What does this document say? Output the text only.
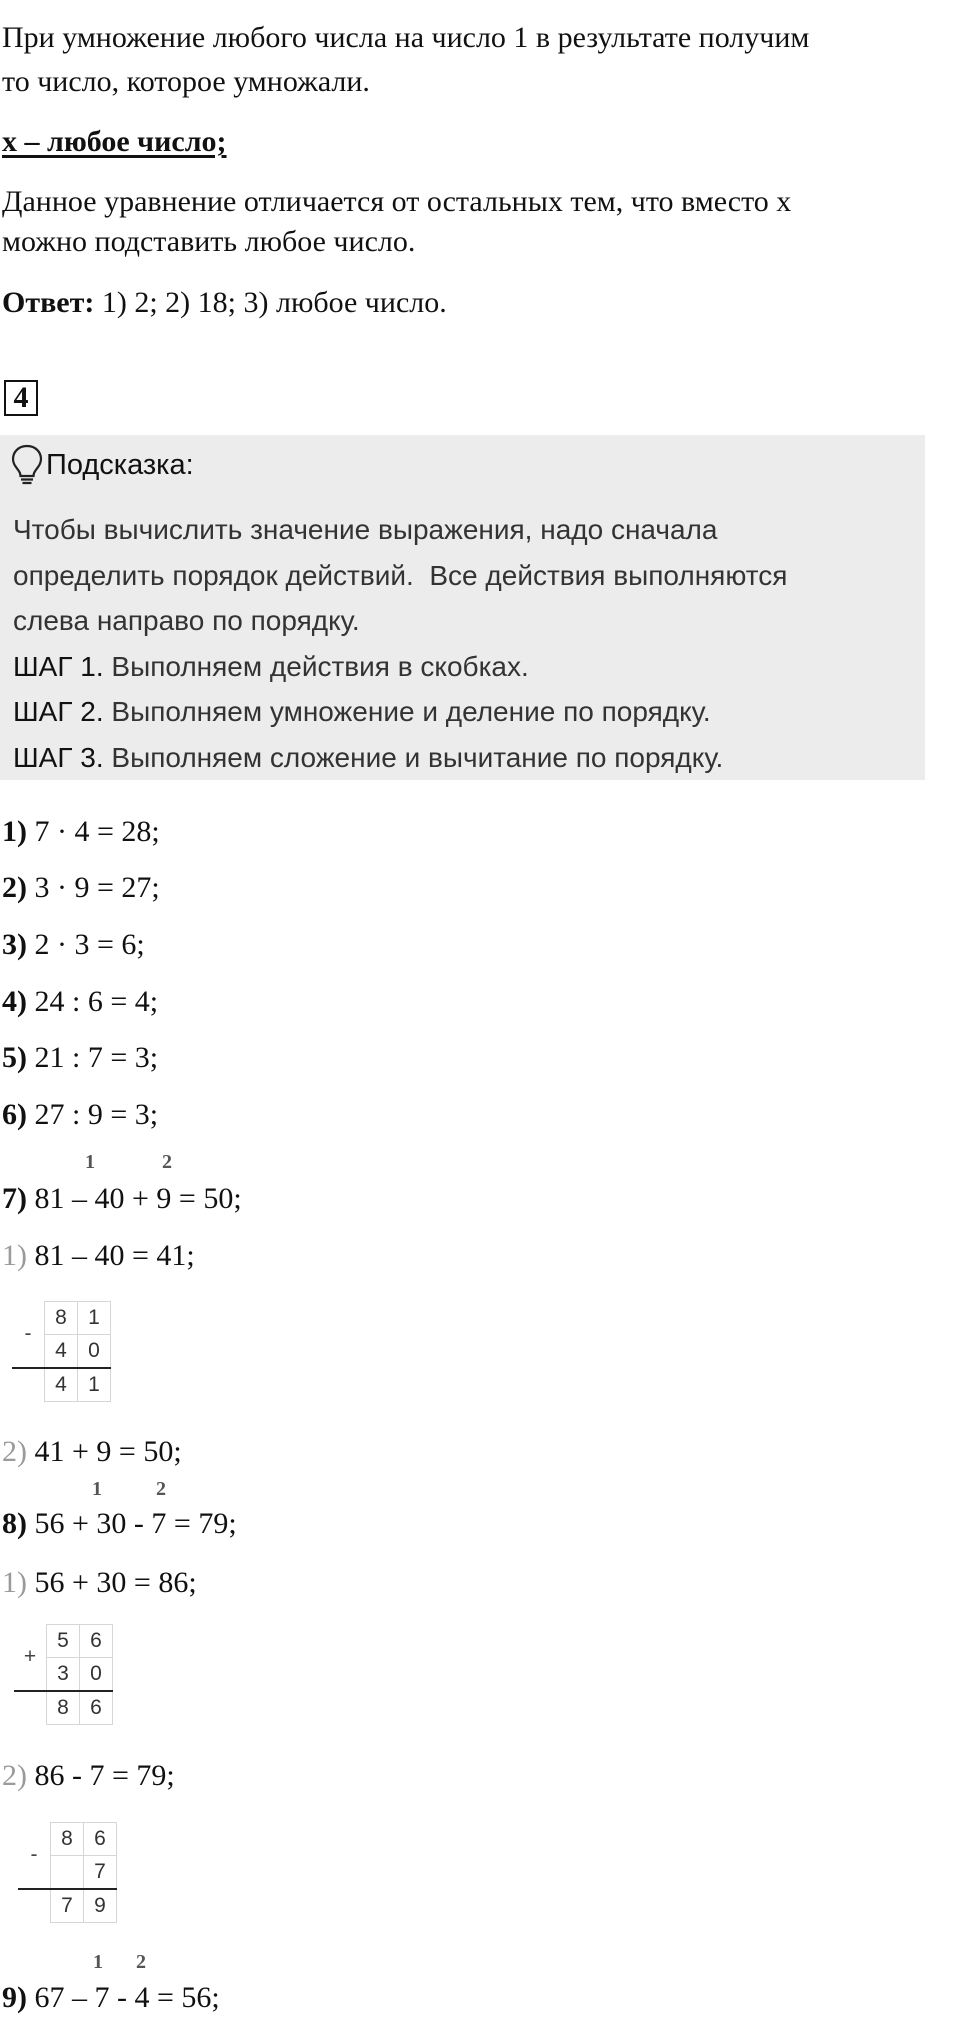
При умножение любого числа на число 1 в результате получим
то число, которое умножали.
х – любое число;
Данное уравнение отличается от остальных тем, что вместо х
можно подставить любое число.
Ответ: 1) 2; 2) 18; 3) любое число.
4
Подсказка:
Чтобы вычислить значение выражения, надо сначала
определить порядок действий.  Все действия выполняются
слева направо по порядку.
ШАГ 1. Выполняем действия в скобках.
ШАГ 2. Выполняем умножение и деление по порядку.
ШАГ 3. Выполняем сложение и вычитание по порядку.
1) 7 · 4 = 28;
2) 3 · 9 = 27;
3) 2 · 3 = 6;
4) 24 : 6 = 4;
5) 21 : 7 = 3;
6) 27 : 9 = 3;
1	2
7) 81 – 40 + 9 = 50;
1) 81 – 40 = 41;
-	8	1
	4	0
	4	1
2) 41 + 9 = 50;
1	2
8) 56 + 30 - 7 = 79;
1) 56 + 30 = 86;
+	5	6
	3	0
	8	6
2) 86 - 7 = 79;
-	8	6
		7
	7	9
1 2
9) 67 – 7 - 4 = 56;
